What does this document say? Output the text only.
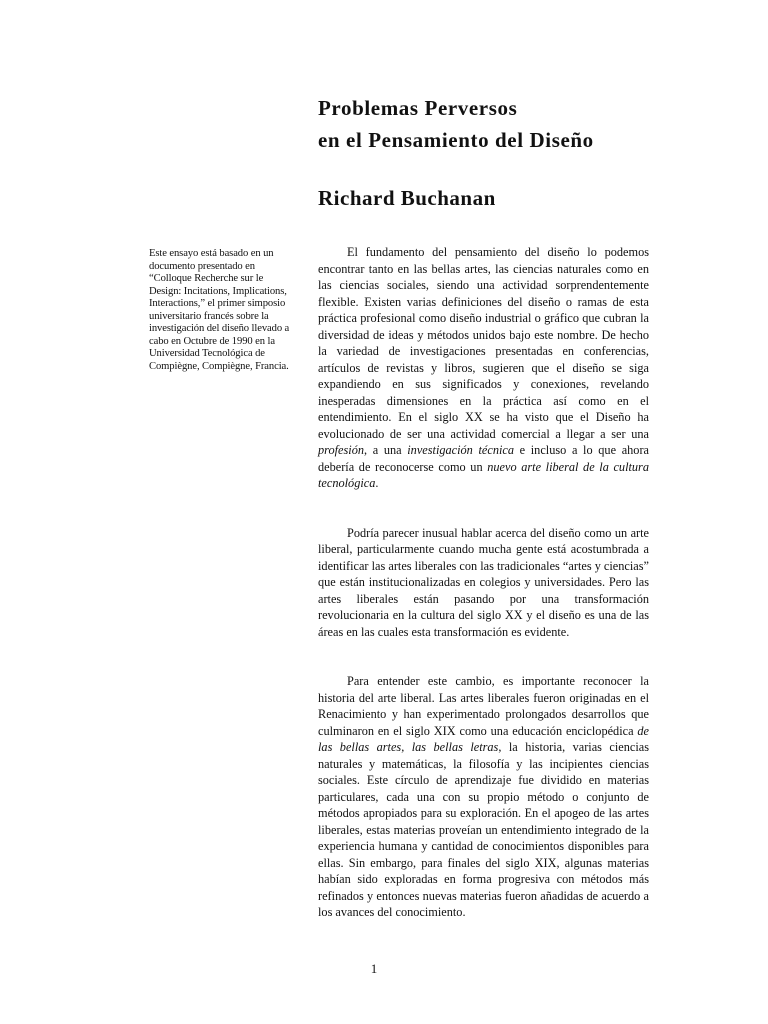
Problemas Perversos
en el Pensamiento del Diseño
Richard Buchanan

Este ensayo está basado en un documento presentado en “Colloque Recherche sur le Design: Incitations, Implications, Interactions,” el primer simposio universitario francés sobre la investigación del diseño llevado a cabo en Octubre de 1990 en la Universidad Tecnológica de Compiègne, Compiègne, Francia.

El fundamento del pensamiento del diseño lo podemos encontrar tanto en las bellas artes, las ciencias naturales como en las ciencias sociales, siendo una actividad sorprendentemente flexible. Existen varias definiciones del diseño o ramas de esta práctica profesional como diseño industrial o gráfico que cubran la diversidad de ideas y métodos unidos bajo este nombre. De hecho la variedad de investigaciones presentadas en conferencias, artículos de revistas y libros, sugieren que el diseño se siga expandiendo en sus significados y conexiones, revelando inesperadas dimensiones en la práctica así como en el entendimiento. En el siglo XX se ha visto que el Diseño ha evolucionado de ser una actividad comercial a llegar a ser una profesión, a una investigación técnica e incluso a lo que ahora debería de reconocerse como un nuevo arte liberal de la cultura tecnológica.

Podría parecer inusual hablar acerca del diseño como un arte liberal, particularmente cuando mucha gente está acostumbrada a identificar las artes liberales con las tradicionales “artes y ciencias” que están institucionalizadas en colegios y universidades. Pero las artes liberales están pasando por una transformación revolucionaria en la cultura del siglo XX y el diseño es una de las áreas en las cuales esta transformación es evidente.

Para entender este cambio, es importante reconocer la historia del arte liberal. Las artes liberales fueron originadas en el Renacimiento y han experimentado prolongados desarrollos que culminaron en el siglo XIX como una educación enciclopédica de las bellas artes, las bellas letras, la historia, varias ciencias naturales y matemáticas, la filosofía y las incipientes ciencias sociales. Este círculo de aprendizaje fue dividido en materias particulares, cada una con su propio método o conjunto de métodos apropiados para su exploración. En el apogeo de las artes liberales, estas materias proveían un entendimiento integrado de la experiencia humana y cantidad de conocimientos disponibles para ellas. Sin embargo, para finales del siglo XIX, algunas materias habían sido exploradas en forma progresiva con métodos más refinados y entonces nuevas materias fueron añadidas de acuerdo a los avances del conocimiento.

1
